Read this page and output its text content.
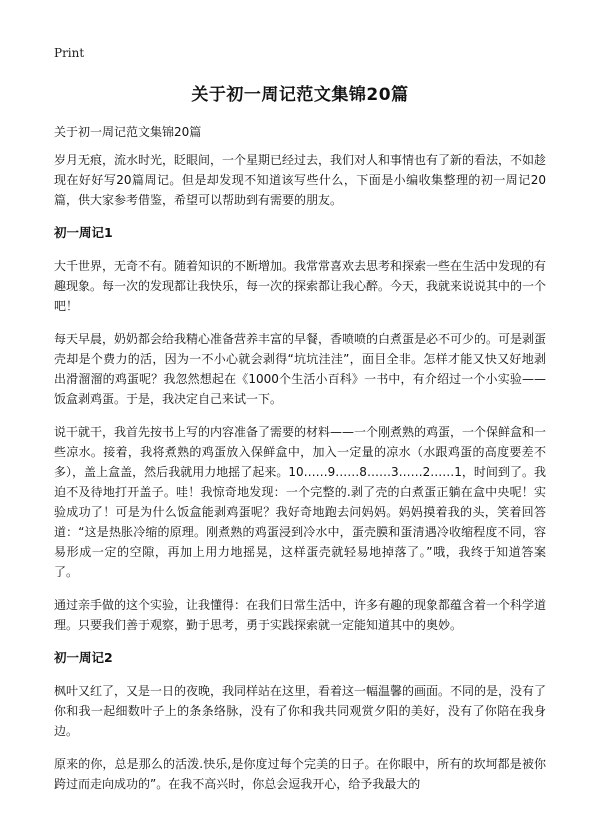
Print
关于初一周记范文集锦20篇

关于初一周记范文集锦20篇

岁月无痕，流水时光，眨眼间，一个星期已经过去，我们对人和事情也有了新的看法，不如趁现在好好写20篇周记。但是却发现不知道该写些什么，下面是小编收集整理的初一周记20篇，供大家参考借鉴，希望可以帮助到有需要的朋友。

初一周记1

大千世界，无奇不有。随着知识的不断增加。我常常喜欢去思考和探索一些在生活中发现的有趣现象。每一次的发现都让我快乐，每一次的探索都让我心醉。今天，我就来说说其中的一个吧！

每天早晨，奶奶都会给我精心准备营养丰富的早餐，香喷喷的白煮蛋是必不可少的。可是剥蛋壳却是个费力的活，因为一不小心就会剥得“坑坑洼洼”，面目全非。怎样才能又快又好地剥出滑溜溜的鸡蛋呢？我忽然想起在《1000个生活小百科》一书中，有介绍过一个小实验——饭盒剥鸡蛋。于是，我决定自己来试一下。

说干就干，我首先按书上写的内容准备了需要的材料——一个刚煮熟的鸡蛋，一个保鲜盒和一些凉水。接着，我将煮熟的鸡蛋放入保鲜盒中，加入一定量的凉水（水跟鸡蛋的高度要差不多），盖上盒盖，然后我就用力地摇了起来。10……9……8……3……2……1，时间到了。我迫不及待地打开盖子。哇！我惊奇地发现：一个完整的.剥了壳的白煮蛋正躺在盒中央呢！实验成功了！可是为什么饭盒能剥鸡蛋呢？我好奇地跑去问妈妈。妈妈摸着我的头，笑着回答道：“这是热胀冷缩的原理。刚煮熟的鸡蛋浸到冷水中，蛋壳膜和蛋清遇冷收缩程度不同，容易形成一定的空隙，再加上用力地摇晃，这样蛋壳就轻易地掉落了。”哦，我终于知道答案了。

通过亲手做的这个实验，让我懂得：在我们日常生活中，许多有趣的现象都蕴含着一个科学道理。只要我们善于观察，勤于思考，勇于实践探索就一定能知道其中的奥妙。

初一周记2

枫叶又红了，又是一日的夜晚，我同样站在这里，看着这一幅温馨的画面。不同的是，没有了你和我一起细数叶子上的条条络脉，没有了你和我共同观赏夕阳的美好，没有了你陪在我身边。

原来的你，总是那么的活泼.快乐,是你度过每个完美的日子。在你眼中，所有的坎坷都是被你跨过而走向成功的”。在我不高兴时，你总会逗我开心，给予我最大的
